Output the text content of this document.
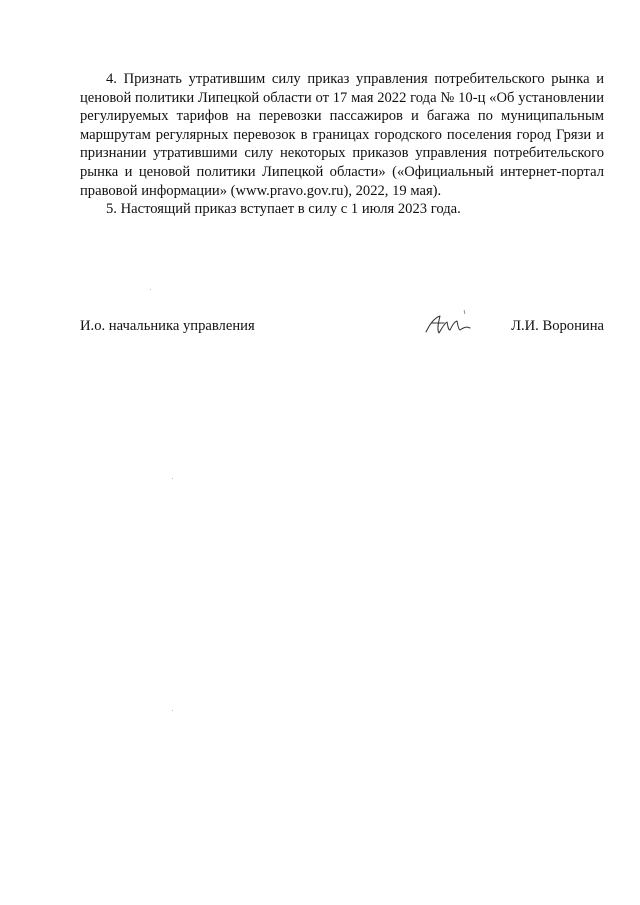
4. Признать утратившим силу приказ управления потребительского рынка и ценовой политики Липецкой области от 17 мая 2022 года № 10-ц «Об установлении регулируемых тарифов на перевозки пассажиров и багажа по муниципальным маршрутам регулярных перевозок в границах городского поселения город Грязи и признании утратившими силу некоторых приказов управления потребительского рынка и ценовой политики Липецкой области» («Официальный интернет-портал правовой информации» (www.pravo.gov.ru), 2022, 19 мая).

5. Настоящий приказ вступает в силу с 1 июля 2023 года.

И.о. начальника управления	Л.И. Воронина
